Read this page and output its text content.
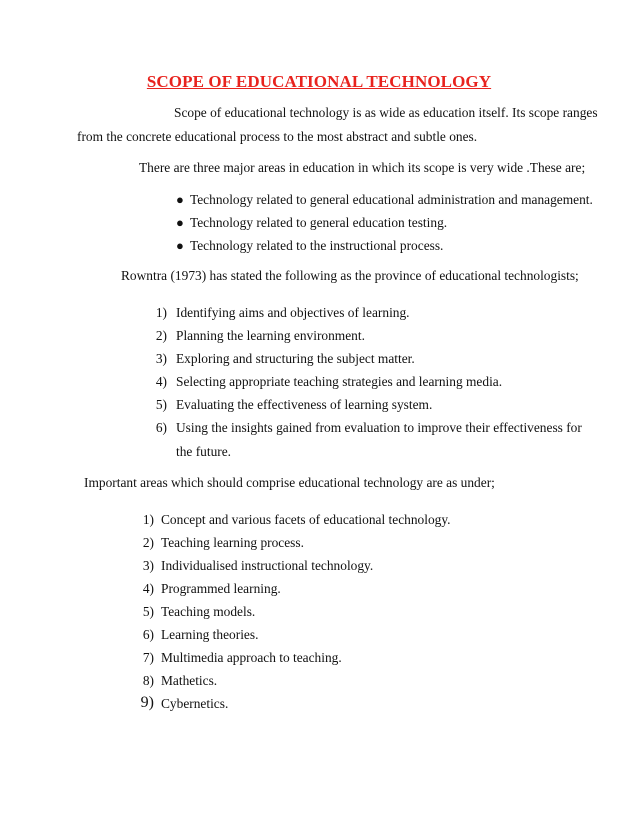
SCOPE OF EDUCATIONAL TECHNOLOGY
Scope of educational technology is as wide as education itself. Its scope ranges
from the concrete educational process to the most abstract and subtle ones.
There are three major areas in education in which its scope is very wide .These are;
● Technology related to general educational administration and management.
● Technology related to general education testing.
● Technology related to the instructional process.
Rowntra (1973) has stated the following as the province of educational technologists;
1) Identifying aims and objectives of learning.
2) Planning the learning environment.
3) Exploring and structuring the subject matter.
4) Selecting appropriate teaching strategies and learning media.
5) Evaluating the effectiveness of learning system.
6) Using the insights gained from evaluation to improve their effectiveness for
the future.
Important areas which should comprise educational technology are as under;
1) Concept and various facets of educational technology.
2) Teaching learning process.
3) Individualised instructional technology.
4) Programmed learning.
5) Teaching models.
6) Learning theories.
7) Multimedia approach to teaching.
8) Mathetics.
9) Cybernetics.
